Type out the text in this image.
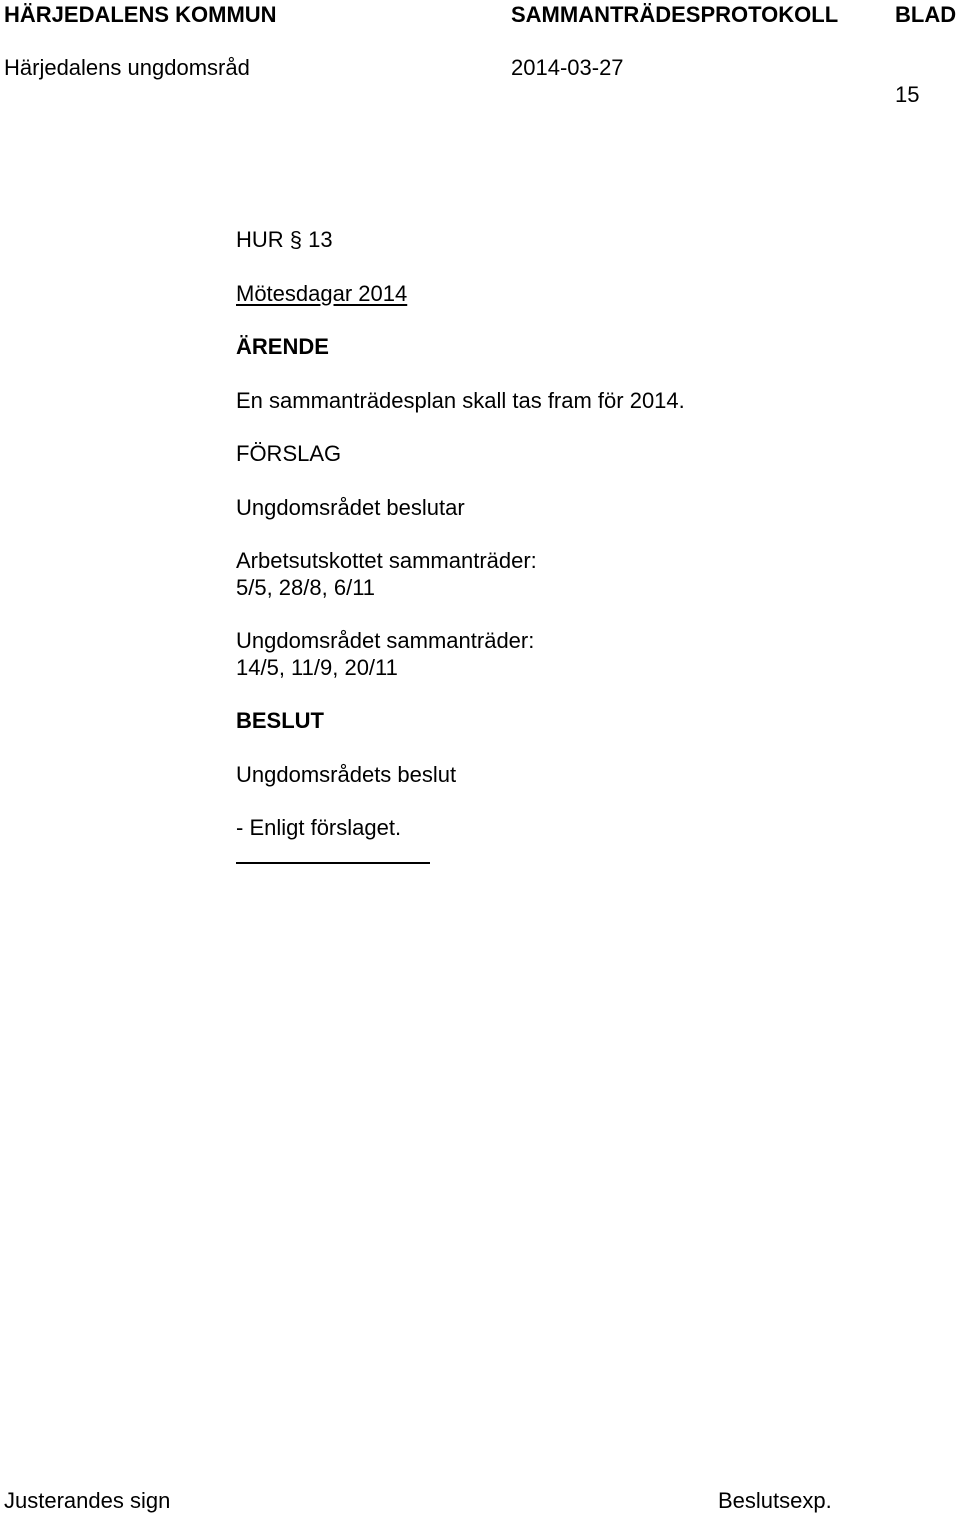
HÄRJEDALENS KOMMUN	SAMMANTRÄDESPROTOKOLL	BLAD
Härjedalens ungdomsråd	2014-03-27
15
HUR § 13
Mötesdagar 2014
ÄRENDE
En sammanträdesplan skall tas fram för 2014.
FÖRSLAG
Ungdomsrådet beslutar
Arbetsutskottet sammanträder:
5/5, 28/8, 6/11
Ungdomsrådet sammanträder:
14/5, 11/9, 20/11
BESLUT
Ungdomsrådets beslut
- Enligt förslaget.
Justerandes sign	Beslutsexp.
